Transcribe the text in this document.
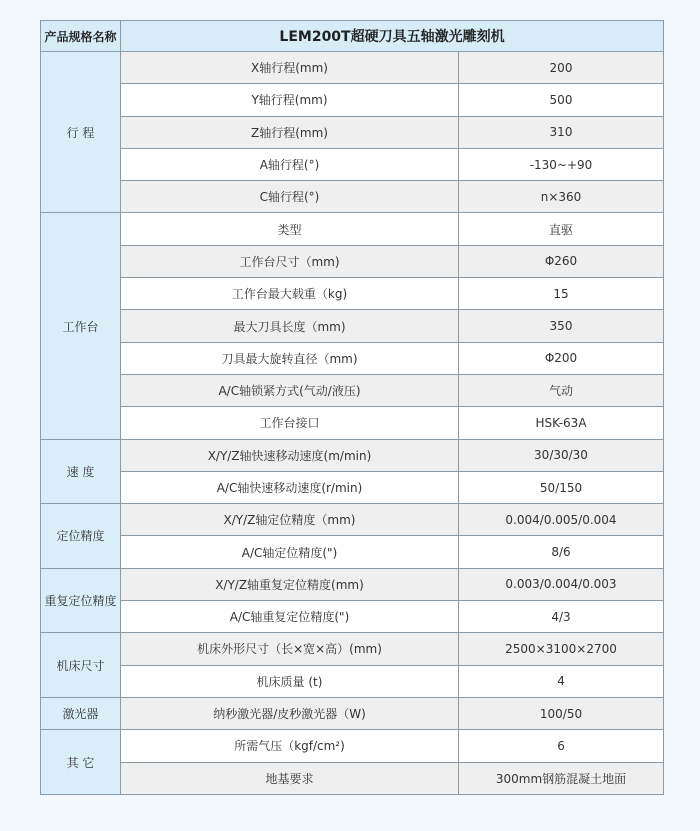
产品规格名称	LEM200T超硬刀具五轴激光雕刻机	
行 程	X轴行程(mm)	200
	Y轴行程(mm)	500
	Z轴行程(mm)	310
	A轴行程(°)	-130~+90
	C轴行程(°)	n×360
工作台	类型	直驱
	工作台尺寸（mm)	Φ260
	工作台最大载重（kg)	15
	最大刀具长度（mm)	350
	刀具最大旋转直径（mm)	Φ200
	A/C轴锁紧方式(气动/液压)	气动
	工作台接口	HSK-63A
速 度	X/Y/Z轴快速移动速度(m/min)	30/30/30
	A/C轴快速移动速度(r/min)	50/150
定位精度	X/Y/Z轴定位精度（mm)	0.004/0.005/0.004
	A/C轴定位精度(")	8/6
重复定位精度	X/Y/Z轴重复定位精度(mm)	0.003/0.004/0.003
	A/C轴重复定位精度(")	4/3
机床尺寸	机床外形尺寸（长×宽×高）(mm)	2500×3100×2700
	机床质量 (t)	4
激光器	纳秒激光器/皮秒激光器（W)	100/50
其 它	所需气压（kgf/cm²)	6
	地基要求	300mm钢筋混凝土地面
